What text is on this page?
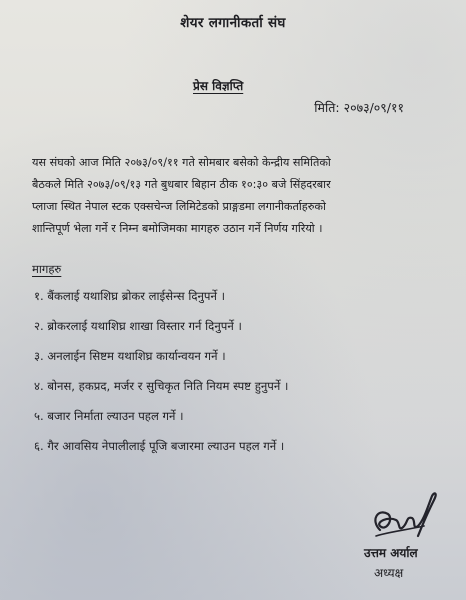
शेयर लगानीकर्ता संघ
प्रेस विज्ञप्ति
मिति: २०७३/०९/११
यस संघको आज मिति २०७३/०९/११ गते सोमबार बसेको केन्द्रीय समितिको
बैठकले मिति २०७३/०९/१३ गते बुधबार बिहान ठीक १०:३० बजे सिंहदरबार
प्लाजा स्थित नेपाल स्टक एक्सचेन्ज लिमिटेडको प्राङ्गडमा लगानीकर्ताहरुको
शान्तिपूर्ण भेला गर्ने र निम्न बमोजिमका मागहरु उठान गर्ने निर्णय गरियो ।
मागहरु
१. बैंकलाई यथाशिघ्र ब्रोकर लाईसेन्स दिनुपर्ने ।
२. ब्रोकरलाई यथाशिघ्र शाखा विस्तार गर्न दिनुपर्ने ।
३. अनलाईन सिष्टम यथाशिघ्र कार्यान्वयन गर्ने ।
४. बोनस, हकप्रद, मर्जर र सुचिकृत निति नियम स्पष्ट हुनुपर्ने ।
५. बजार निर्माता ल्याउन पहल गर्ने ।
६. गैर आवसिय नेपालीलाई पूजि बजारमा ल्याउन पहल गर्ने ।
उत्तम अर्याल
अध्यक्ष
